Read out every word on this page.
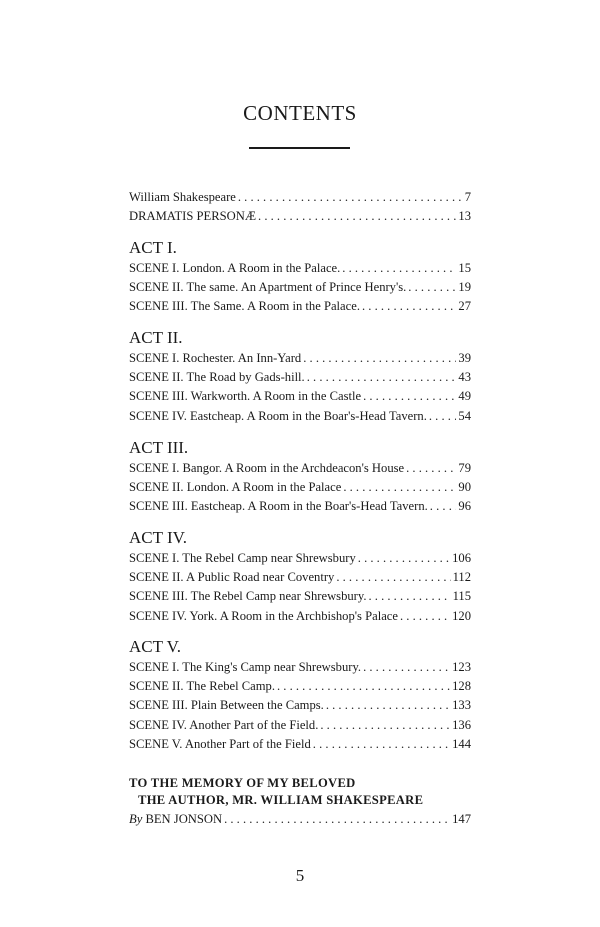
CONTENTS
William Shakespeare . . .	7
DRAMATIS PERSONÆ . . .	13
ACT I.
SCENE I. London. A Room in the Palace. . . .	15
SCENE II. The same. An Apartment of Prince Henry's. . . .	19
SCENE III. The Same. A Room in the Palace. . . .	27
ACT II.
SCENE I. Rochester. An Inn-Yard . . .	39
SCENE II. The Road by Gads-hill. . . .	43
SCENE III. Warkworth. A Room in the Castle . . .	49
SCENE IV. Eastcheap. A Room in the Boar's-Head Tavern. . . .	54
ACT III.
SCENE I. Bangor. A Room in the Archdeacon's House . . .	79
SCENE II. London. A Room in the Palace . . .	90
SCENE III. Eastcheap. A Room in the Boar's-Head Tavern. . . . 96
ACT IV.
SCENE I. The Rebel Camp near Shrewsbury . . .	106
SCENE II. A Public Road near Coventry . . .	112
SCENE III. The Rebel Camp near Shrewsbury. . . .	115
SCENE IV. York. A Room in the Archbishop's Palace . . .	120
ACT V.
SCENE I. The King's Camp near Shrewsbury. . . .	123
SCENE II. The Rebel Camp. . . .	128
SCENE III. Plain Between the Camps. . . .	133
SCENE IV. Another Part of the Field. . . .	136
SCENE V. Another Part of the Field . . .	144
TO THE MEMORY OF MY BELOVED
THE AUTHOR, MR. WILLIAM SHAKESPEARE
By BEN JONSON . . .	147
5
